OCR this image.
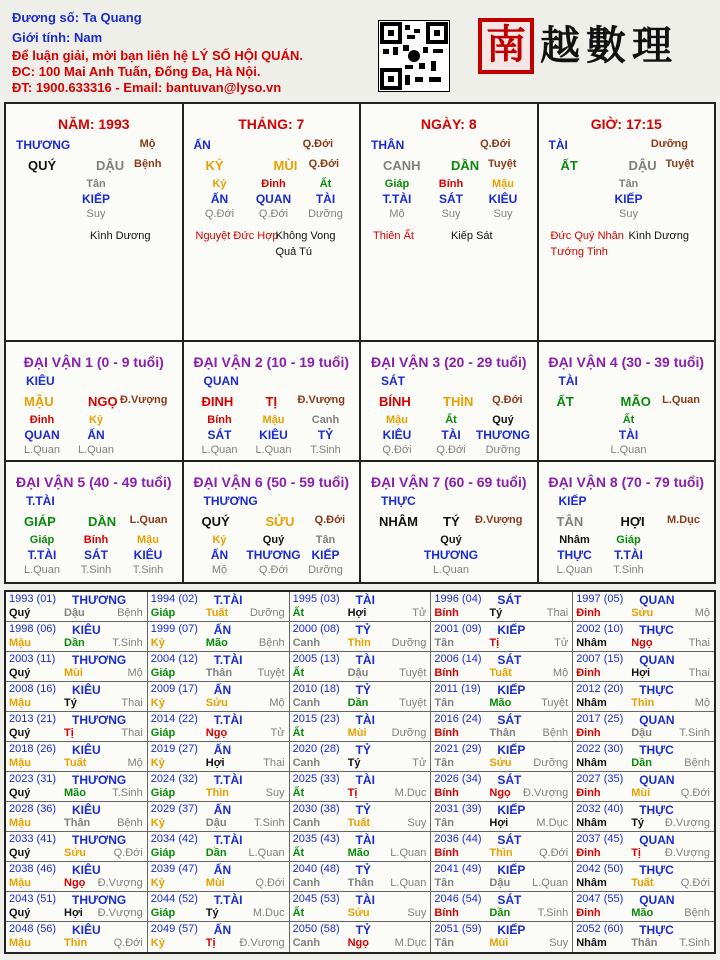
Đương số: Ta Quang
Giới tính: Nam
Để luận giải, mời bạn liên hệ LÝ SỐ HỘI QUÁN.
ĐC: 100 Mai Anh Tuấn, Đống Đa, Hà Nội.
ĐT: 1900.633316 - Email: bantuvan@lyso.vn
南 越數理
NĂM: 1993
THƯƠNG	Mộ
QUÝ	DẬU Bệnh
Tân
KIẾP
Suy
Kình Dương
THÁNG: 7
ẤN	Q.Đới
KỶ	MÙI Q.Đới
Kỷ	Đinh	Ất
ẤN QUAN TÀI
Q.Đới Q.Đới Dưỡng
Nguyệt Đức Hợp
Không Vong
Quả Tú
NGÀY: 8
THÂN	Q.Đới
CANH DẦN Tuyệt
Giáp	Bính	Mậu
T.TÀI SÁT KIÊU
Mộ	Suy	Suy
Thiên Ất	Kiếp Sát
GIỜ: 17:15
TÀI	Dưỡng
ẤT	DẬU Tuyệt
Tân
KIẾP
Suy
Đức Quý Nhân Kình Dương
Tướng Tinh
ĐẠI VẬN 1 (0 - 9 tuổi)
KIÊU
MẬU	NGỌ Đ.Vượng
Đinh	Kỷ
QUAN ẤN
L.Quan L.Quan
ĐẠI VẬN 2 (10 - 19 tuổi)
QUAN
ĐINH TỊ Đ.Vượng
Bính	Mậu Canh
SÁT KIÊU TỶ
L.Quan L.Quan T.Sinh
ĐẠI VẬN 3 (20 - 29 tuổi)
SÁT
BÍNH THÌN Q.Đới
Mậu	Ất	Quý
KIÊU TÀI THƯƠNG
Q.Đới Q.Đới Dưỡng
ĐẠI VẬN 4 (30 - 39 tuổi)
TÀI
ẤT	MÃO L.Quan
Ất
TÀI
L.Quan
ĐẠI VẬN 5 (40 - 49 tuổi)
T.TÀI
GIÁP DẦN L.Quan
Giáp	Bính	Mậu
T.TÀI SÁT KIÊU
L.Quan T.Sinh T.Sinh
ĐẠI VẬN 6 (50 - 59 tuổi)
THƯƠNG
QUÝ	SỬU Q.Đới
Kỷ	Quý	Tân
ẤN THƯƠNG KIẾP
Mộ	Q.Đới Dưỡng
ĐẠI VẬN 7 (60 - 69 tuổi)
THỰC
NHÂM TÝ Đ.Vượng
Quý
THƯƠNG
L.Quan
ĐẠI VẬN 8 (70 - 79 tuổi)
KIẾP
TÂN	HỢI M.Dục
Nhâm Giáp
THỰC T.TÀI
L.Quan T.Sinh
1993 (01) THƯƠNG
Quý	Dậu	Bệnh
1994 (02) T.TÀI
Giáp	Tuất Dưỡng
1995 (03) TÀI
Ất	Hợi	Tử
1996 (04) SÁT
Bính	Tý	Thai
1997 (05) QUAN
Đinh	Sửu	Mộ
1998 (06) KIÊU
Mậu	Dần T.Sinh
1999 (07) ẤN
Kỷ	Mão	Bệnh
2000 (08) TỶ
Canh	Thìn Dưỡng
2001 (09) KIẾP
Tân	Tị	Tử
2002 (10) THỰC
Nhâm Ngọ	Thai
2003 (11) THƯƠNG
Quý	Mùi	Mộ
2004 (12) T.TÀI
Giáp	Thân Tuyệt
2005 (13) TÀI
Ất	Dậu	Tuyệt
2006 (14) SÁT
Bính	Tuất	Mộ
2007 (15) QUAN
Đinh	Hợi	Thai
2008 (16) KIÊU
Mậu	Tý	Thai
2009 (17) ẤN
Kỷ	Sửu	Mộ
2010 (18) TỶ
Canh	Dần	Tuyệt
2011 (19) KIẾP
Tân	Mão	Tuyệt
2012 (20) THỰC
Nhâm Thìn	Mộ
2013 (21) THƯƠNG
Quý	Tị	Thai
2014 (22) T.TÀI
Giáp	Ngọ	Tử
2015 (23) TÀI
Ất	Mùi Dưỡng
2016 (24) SÁT
Bính	Thân Bệnh
2017 (25) QUAN
Đinh	Dậu T.Sinh
2018 (26) KIÊU
Mậu	Tuất	Mộ
2019 (27) ẤN
Kỷ	Hợi	Thai
2020 (28) TỶ
Canh	Tý	Tử
2021 (29) KIẾP
Tân	Sửu Dưỡng
2022 (30) THỰC
Nhâm Dần	Bệnh
2023 (31) THƯƠNG
Quý	Mão T.Sinh
2024 (32) T.TÀI
Giáp	Thìn	Suy
2025 (33) TÀI
Ất	Tị	M.Dục
2026 (34) SÁT
Bính	Ngọ Đ.Vượng
2027 (35) QUAN
Đinh	Mùi	Q.Đới
2028 (36) KIÊU
Mậu	Thân Bệnh
2029 (37) ẤN
Kỷ	Dậu T.Sinh
2030 (38) TỶ
Canh	Tuất	Suy
2031 (39) KIẾP
Tân	Hợi	M.Dục
2032 (40) THỰC
Nhâm Tý Đ.Vượng
2033 (41) THƯƠNG
Quý	Sửu	Q.Đới
2034 (42) T.TÀI
Giáp	Dần L.Quan
2035 (43) TÀI
Ất	Mão L.Quan
2036 (44) SÁT
Bính	Thìn Q.Đới
2037 (45) QUAN
Đinh	Tị Đ.Vượng
2038 (46) KIÊU
Mậu	Ngọ Đ.Vượng
2039 (47) ẤN
Kỷ	Mùi	Q.Đới
2040 (48) TỶ
Canh	Thân L.Quan
2041 (49) KIẾP
Tân	Dậu L.Quan
2042 (50) THỰC
Nhâm Tuất Q.Đới
2043 (51) THƯƠNG
Quý	Hợi Đ.Vượng
2044 (52) T.TÀI
Giáp	Tý	M.Dục
2045 (53) TÀI
Ất	Sửu	Suy
2046 (54) SÁT
Bính	Dần T.Sinh
2047 (55) QUAN
Đinh	Mão	Bệnh
2048 (56) KIÊU
Mậu	Thìn Q.Đới
2049 (57) ẤN
Kỷ	Tị Đ.Vượng
2050 (58) TỶ
Canh	Ngọ M.Dục
2051 (59) KIẾP
Tân	Mùi	Suy
2052 (60) THỰC
Nhâm Thân T.Sinh
